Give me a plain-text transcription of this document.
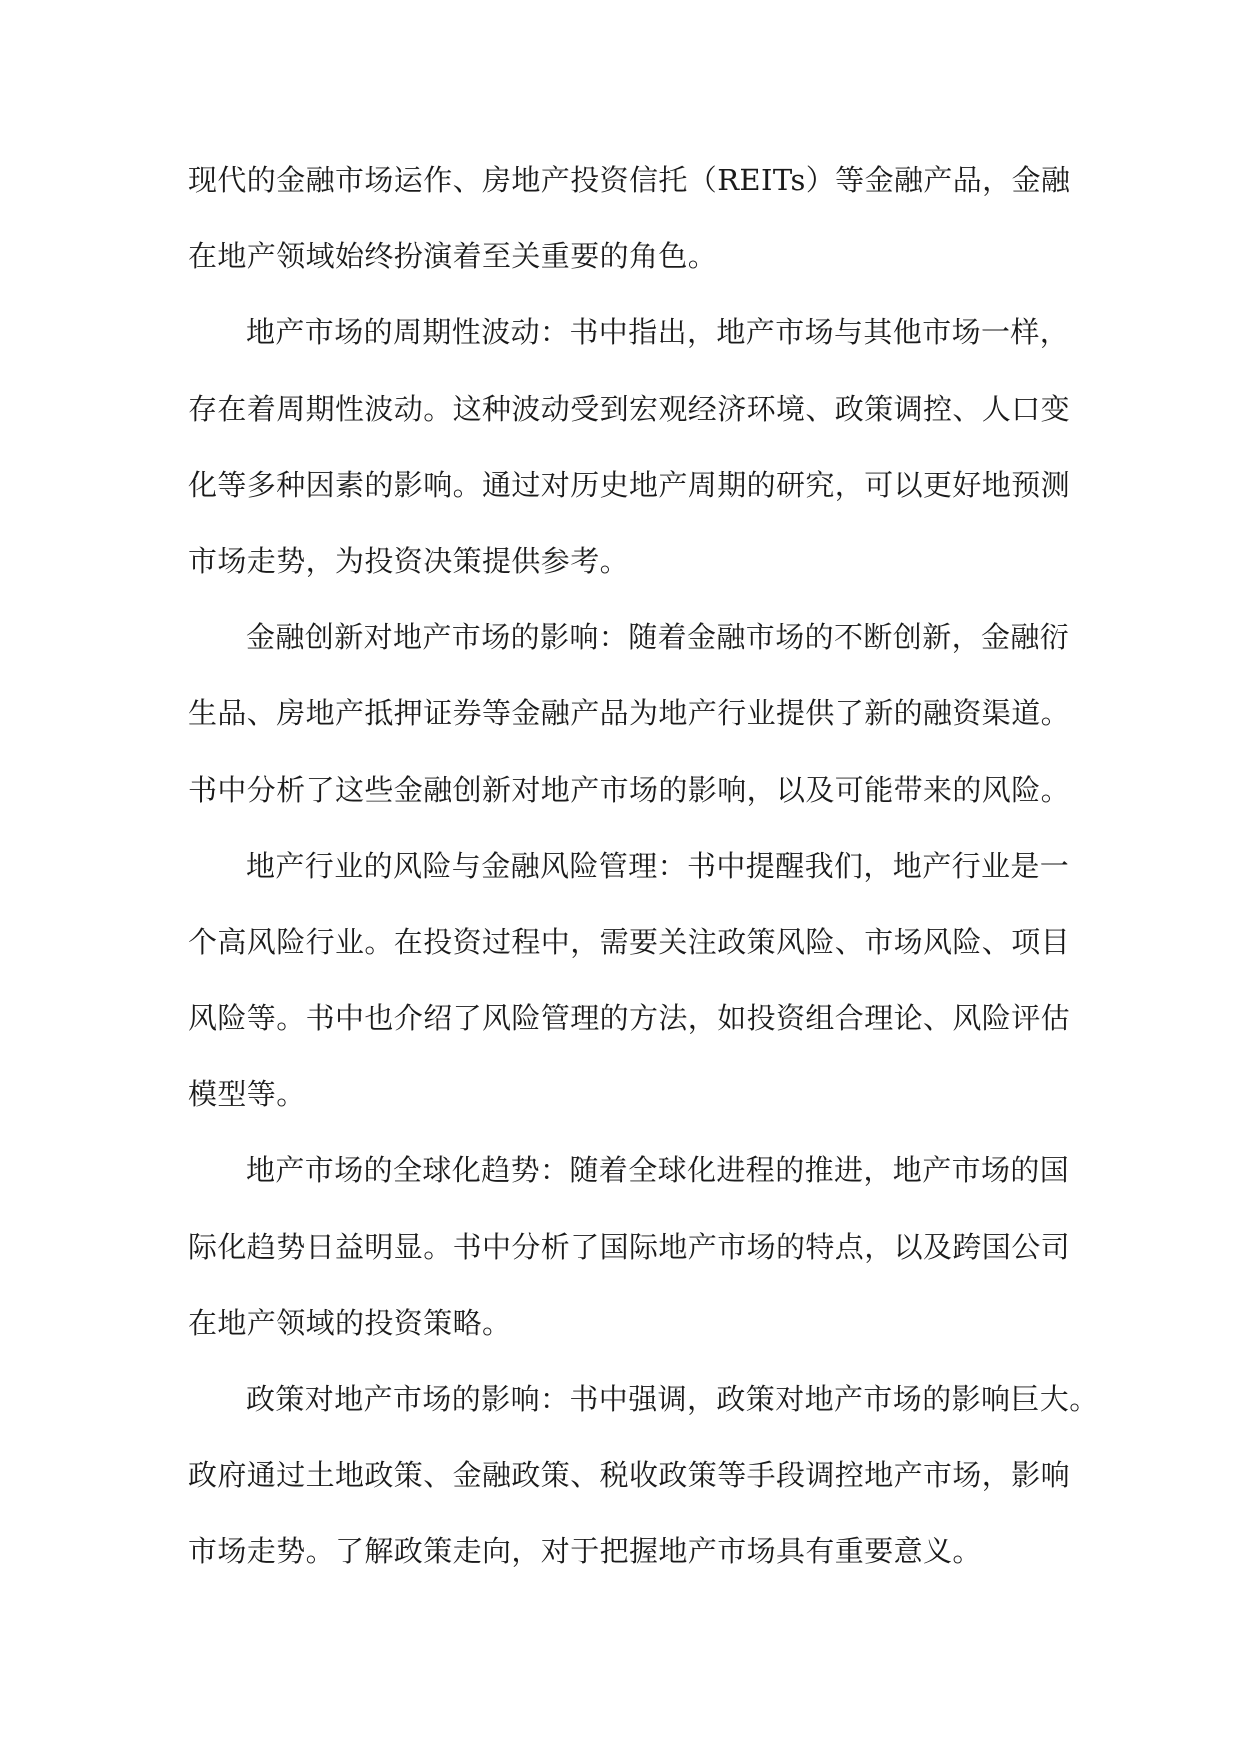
现代的金融市场运作、房地产投资信托（REITs）等金融产品，金融
在地产领域始终扮演着至关重要的角色。
地产市场的周期性波动：书中指出，地产市场与其他市场一样，
存在着周期性波动。这种波动受到宏观经济环境、政策调控、人口变
化等多种因素的影响。通过对历史地产周期的研究，可以更好地预测
市场走势，为投资决策提供参考。
金融创新对地产市场的影响：随着金融市场的不断创新，金融衍
生品、房地产抵押证券等金融产品为地产行业提供了新的融资渠道。
书中分析了这些金融创新对地产市场的影响，以及可能带来的风险。
地产行业的风险与金融风险管理：书中提醒我们，地产行业是一
个高风险行业。在投资过程中，需要关注政策风险、市场风险、项目
风险等。书中也介绍了风险管理的方法，如投资组合理论、风险评估
模型等。
地产市场的全球化趋势：随着全球化进程的推进，地产市场的国
际化趋势日益明显。书中分析了国际地产市场的特点，以及跨国公司
在地产领域的投资策略。
政策对地产市场的影响：书中强调，政策对地产市场的影响巨大。
政府通过土地政策、金融政策、税收政策等手段调控地产市场，影响
市场走势。了解政策走向，对于把握地产市场具有重要意义。
